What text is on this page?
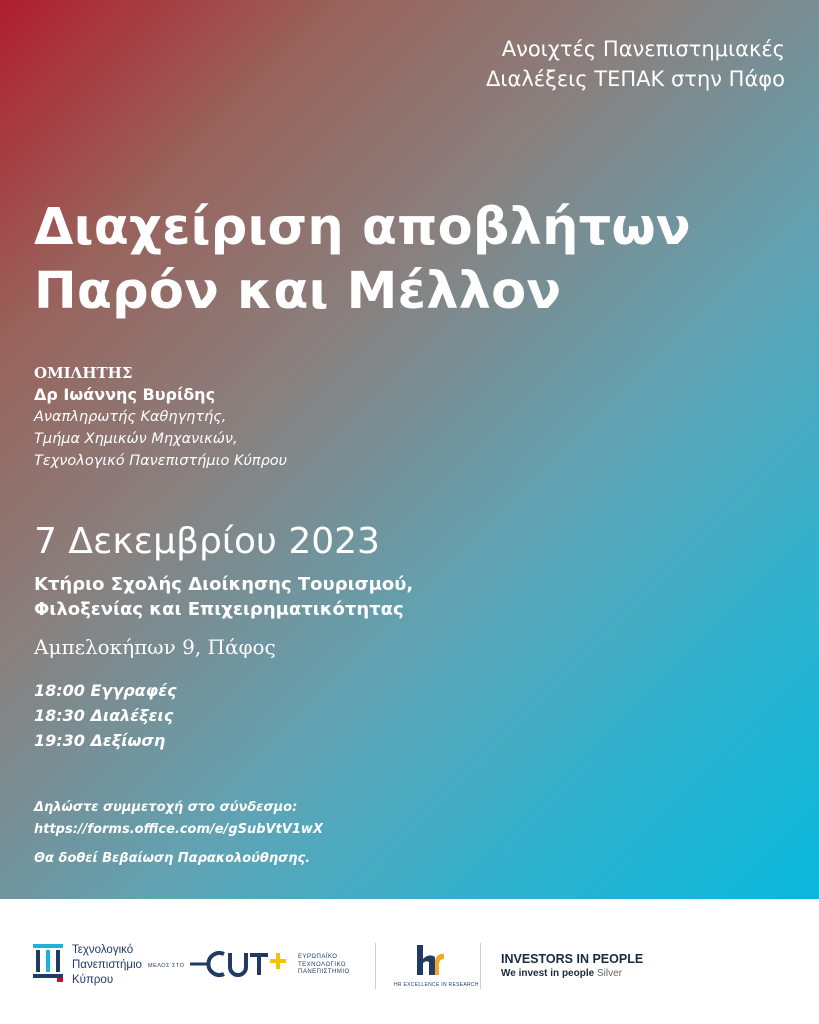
Ανοιχτές Πανεπιστημιακές
Διαλέξεις ΤΕΠΑΚ στην Πάφο
Διαχείριση αποβλήτων
Παρόν και Μέλλον
ΟΜΙΛΗΤΗΣ
Δρ Ιωάννης Βυρίδης
Αναπληρωτής Καθηγητής,
Τμήμα Χημικών Μηχανικών,
Τεχνολογικό Πανεπιστήμιο Κύπρου
7 Δεκεμβρίου 2023
Κτήριο Σχολής Διοίκησης Τουρισμού,
Φιλοξενίας και Επιχειρηματικότητας
Αμπελοκήπων 9, Πάφος
18:00 Εγγραφές
18:30 Διαλέξεις
19:30 Δεξίωση
Δηλώστε συμμετοχή στο σύνδεσμο:
https://forms.office.com/e/gSubVtV1wX
Θα δοθεί Βεβαίωση Παρακολούθησης.
Τεχνολογικό
Πανεπιστήμιο
Κύπρου
ΜΕΛΟΣ ΣΤΟ
ΕΥΡΩΠΑΪΚΟ
ΤΕΧΝΟΛΟΓΙΚΟ
ΠΑΝΕΠΙΣΤΗΜΙΟ
HR EXCELLENCE IN RESEARCH
INVESTORS IN PEOPLE
We invest in people Silver
